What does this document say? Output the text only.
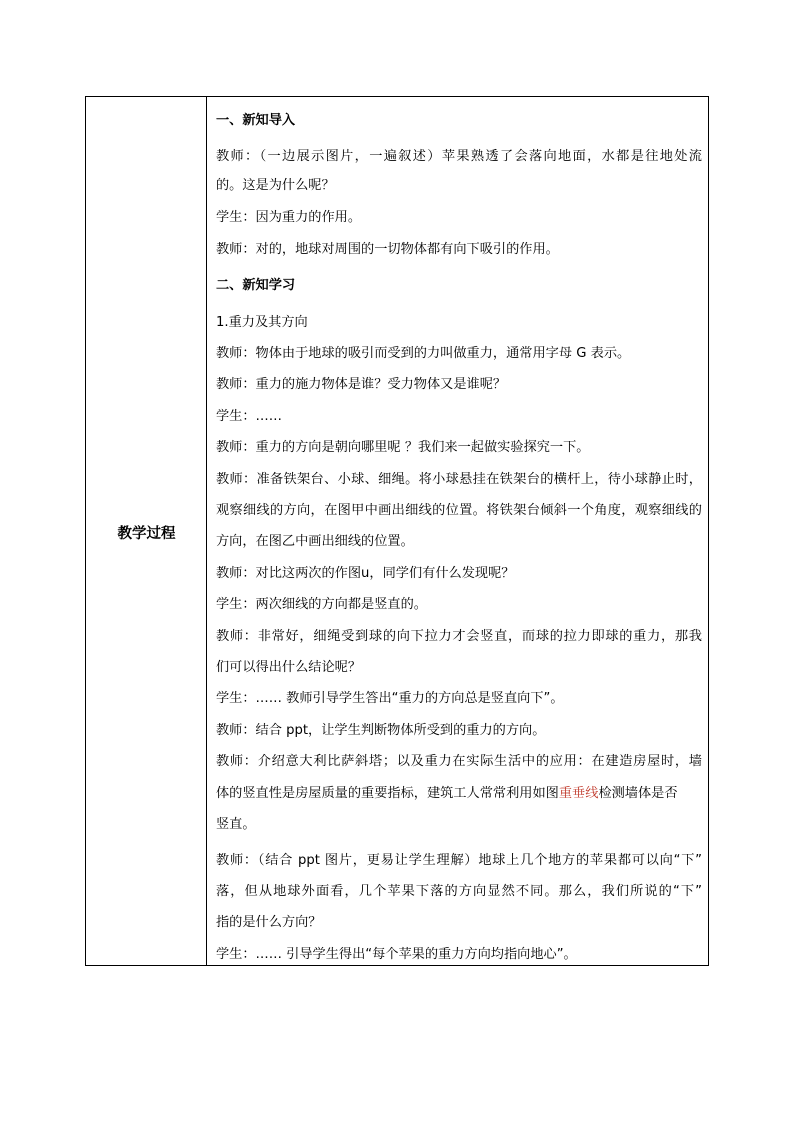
教学过程
一、新知导入
教师：（一边展示图片，一遍叙述）苹果熟透了会落向地面，水都是往地处流
的。这是为什么呢？
学生：因为重力的作用。
教师：对的，地球对周围的一切物体都有向下吸引的作用。
二、新知学习
1.重力及其方向
教师：物体由于地球的吸引而受到的力叫做重力，通常用字母 G 表示。
教师：重力的施力物体是谁？受力物体又是谁呢？
学生：……
教师：重力的方向是朝向哪里呢 ？我们来一起做实验探究一下。
教师：准备铁架台、小球、细绳。将小球悬挂在铁架台的横杆上，待小球静止时，
观察细线的方向，在图甲中画出细线的位置。将铁架台倾斜一个角度，观察细线的
方向，在图乙中画出细线的位置。
教师：对比这两次的作图u，同学们有什么发现呢？
学生：两次细线的方向都是竖直的。
教师：非常好，细绳受到球的向下拉力才会竖直，而球的拉力即球的重力，那我
们可以得出什么结论呢？
学生：…… 教师引导学生答出“重力的方向总是竖直向下”。
教师：结合 ppt，让学生判断物体所受到的重力的方向。
教师：介绍意大利比萨斜塔；以及重力在实际生活中的应用：在建造房屋时，墙
体的竖直性是房屋质量的重要指标，建筑工人常常利用如图重垂线检测墙体是否
竖直。
教师：（结合 ppt 图片，更易让学生理解）地球上几个地方的苹果都可以向“下”
落，但从地球外面看，几个苹果下落的方向显然不同。那么，我们所说的“下”
指的是什么方向？
学生：…… 引导学生得出“每个苹果的重力方向均指向地心”。
